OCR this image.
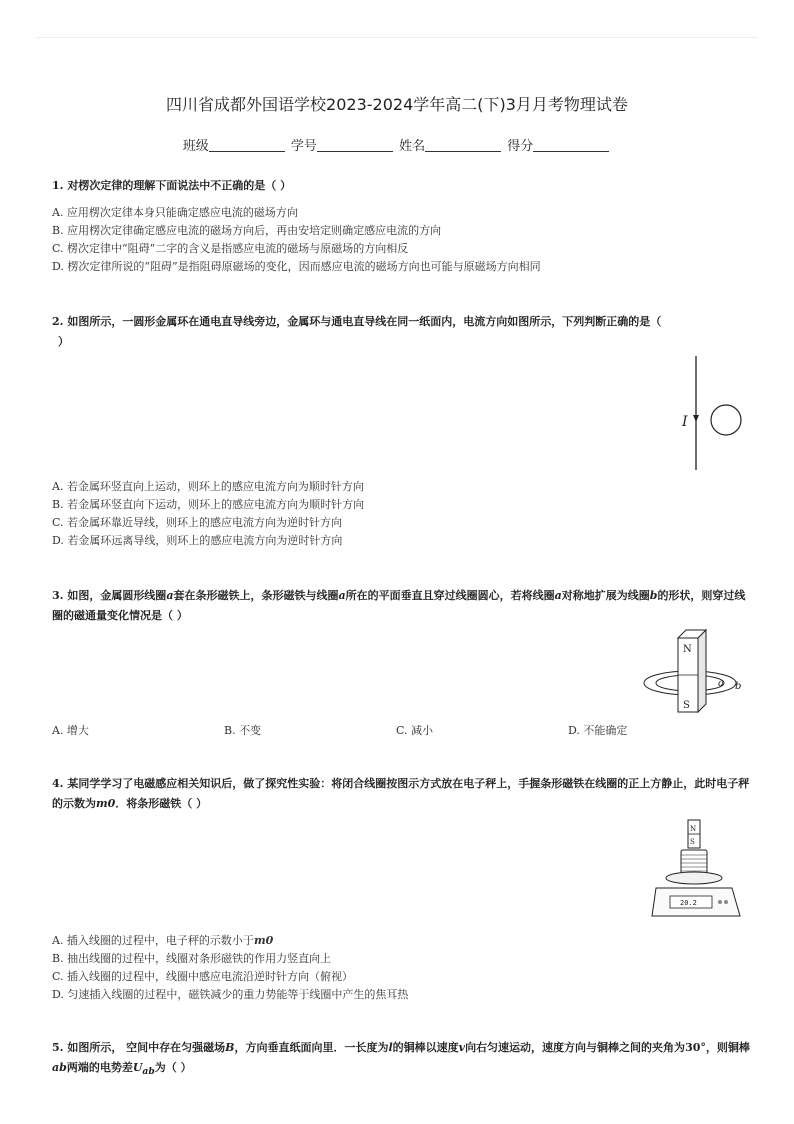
四川省成都外国语学校2023-2024学年高二(下)3月月考物理试卷
班级	学号	姓名	得分
1. 对楞次定律的理解下面说法中不正确的是（ ）
A. 应用楞次定律本身只能确定感应电流的磁场方向
B. 应用楞次定律确定感应电流的磁场方向后，再由安培定则确定感应电流的方向
C. 楞次定律中“阻碍”二字的含义是指感应电流的磁场与原磁场的方向相反
D. 楞次定律所说的“阻碍”是指阻碍原磁场的变化，因而感应电流的磁场方向也可能与原磁场方向相同
2. 如图所示，一圆形金属环在通电直导线旁边，金属环与通电直导线在同一纸面内，电流方向如图所示，下列判断正确的是（
）
I
A. 若金属环竖直向上运动，则环上的感应电流方向为顺时针方向
B. 若金属环竖直向下运动，则环上的感应电流方向为顺时针方向
C. 若金属环靠近导线，则环上的感应电流方向为逆时针方向
D. 若金属环远离导线，则环上的感应电流方向为逆时针方向
3. 如图，金属圆形线圈a套在条形磁铁上，条形磁铁与线圈a所在的平面垂直且穿过线圈圆心，若将线圈a对称地扩展为线圈b的形状，则穿过线圈的磁通量变化情况是（ ）
N
S
a b
A. 增大	B. 不变	C. 减小	D. 不能确定
4. 某同学学习了电磁感应相关知识后，做了探究性实验：将闭合线圈按图示方式放在电子秤上，手握条形磁铁在线圈的正上方静止，此时电子秤的示数为m0．将条形磁铁（ ）
N
S
20.2
A. 插入线圈的过程中，电子秤的示数小于m0
B. 抽出线圈的过程中，线圈对条形磁铁的作用力竖直向上
C. 插入线圈的过程中，线圈中感应电流沿逆时针方向（俯视）
D. 匀速插入线圈的过程中，磁铁减少的重力势能等于线圈中产生的焦耳热
5. 如图所示， 空间中存在匀强磁场B，方向垂直纸面向里．一长度为l的铜棒以速度v向右匀速运动，速度方向与铜棒之间的夹角为30°，则铜棒ab两端的电势差$U_{ab}$为（ ）
